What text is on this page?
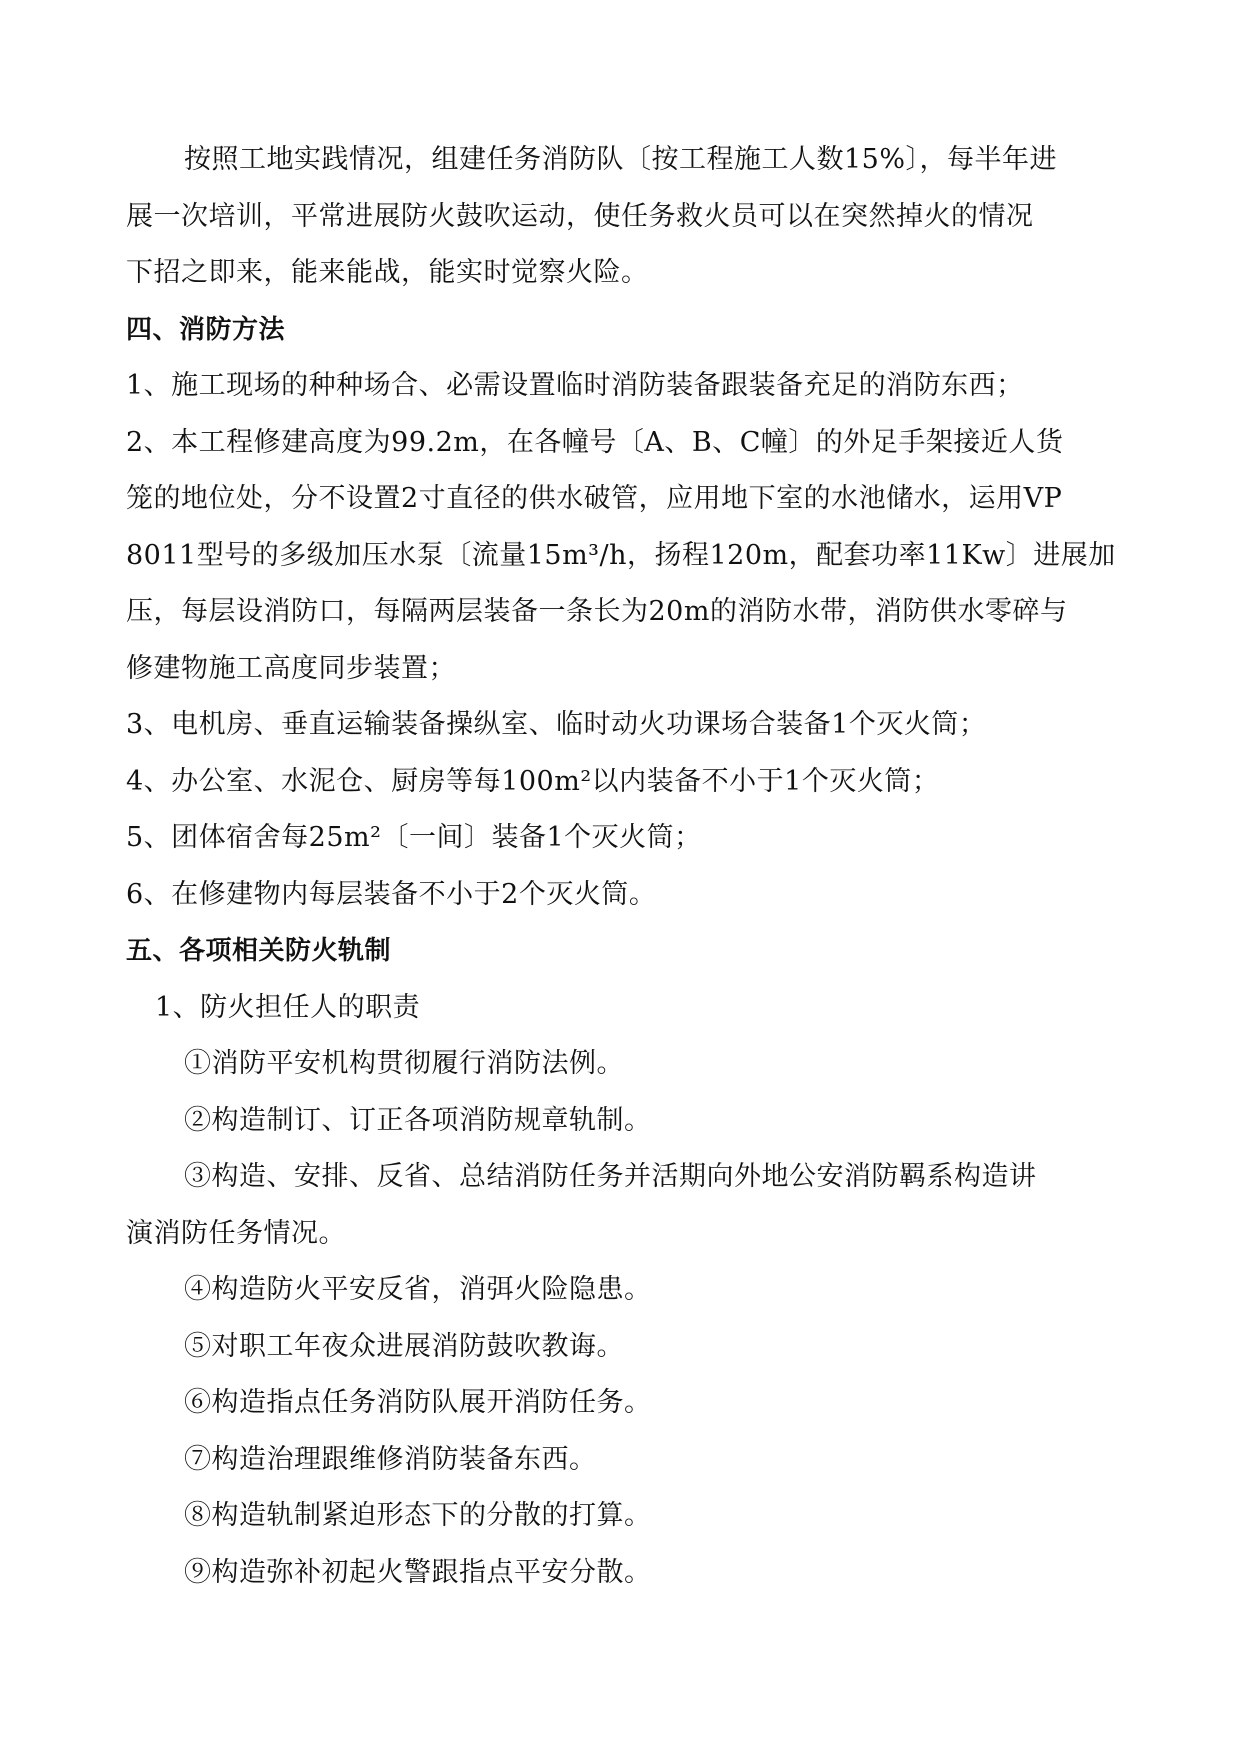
按照工地实践情况，组建任务消防队〔按工程施工人数15%〕，每半年进
展一次培训，平常进展防火鼓吹运动，使任务救火员可以在突然掉火的情况
下招之即来，能来能战，能实时觉察火险。
四、消防方法
1、施工现场的种种场合、必需设置临时消防装备跟装备充足的消防东西；
2、本工程修建高度为99.2m，在各幢号〔A、B、C幢〕的外足手架接近人货
笼的地位处，分不设置2寸直径的供水破管，应用地下室的水池储水，运用VP
8011型号的多级加压水泵〔流量15m³/h，扬程120m，配套功率11Kw〕进展加
压，每层设消防口，每隔两层装备一条长为20m的消防水带，消防供水零碎与
修建物施工高度同步装置；
3、电机房、垂直运输装备操纵室、临时动火功课场合装备1个灭火筒；
4、办公室、水泥仓、厨房等每100m²以内装备不小于1个灭火筒；
5、团体宿舍每25m²〔一间〕装备1个灭火筒；
6、在修建物内每层装备不小于2个灭火筒。
五、各项相关防火轨制
1、防火担任人的职责
①消防平安机构贯彻履行消防法例。
②构造制订、订正各项消防规章轨制。
③构造、安排、反省、总结消防任务并活期向外地公安消防羁系构造讲
演消防任务情况。
④构造防火平安反省，消弭火险隐患。
⑤对职工年夜众进展消防鼓吹教诲。
⑥构造指点任务消防队展开消防任务。
⑦构造治理跟维修消防装备东西。
⑧构造轨制紧迫形态下的分散的打算。
⑨构造弥补初起火警跟指点平安分散。
